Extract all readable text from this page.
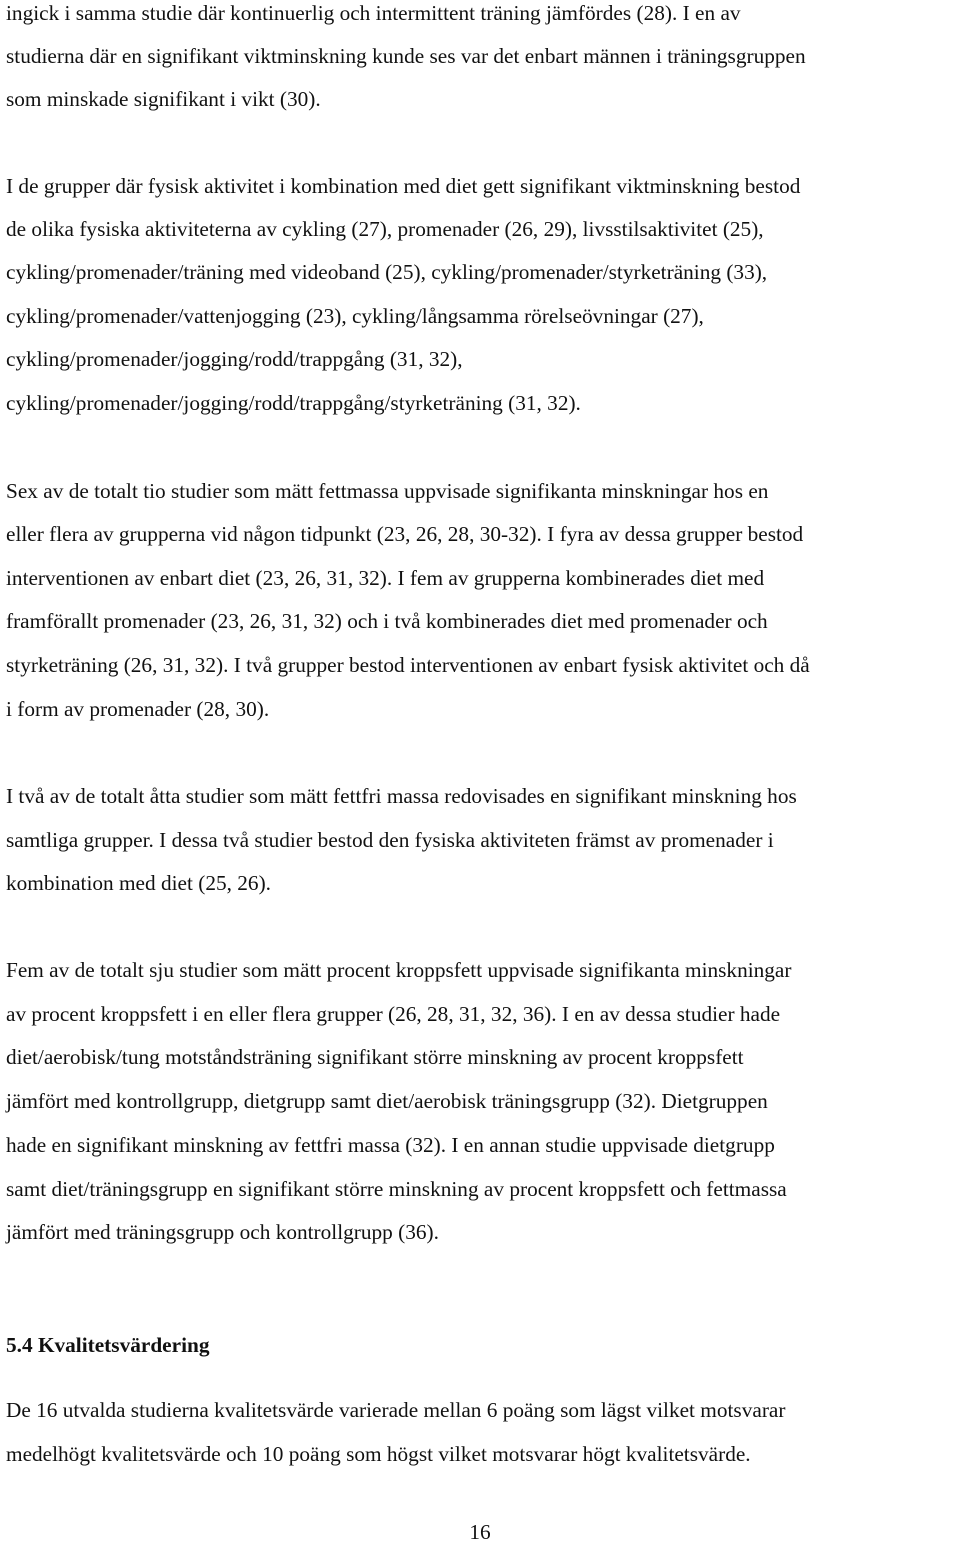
ingick i samma studie där kontinuerlig och intermittent träning jämfördes (28). I en av
studierna där en signifikant viktminskning kunde ses var det enbart männen i träningsgruppen
som minskade signifikant i vikt (30).
I de grupper där fysisk aktivitet i kombination med diet gett signifikant viktminskning bestod
de olika fysiska aktiviteterna av cykling (27), promenader (26, 29), livsstilsaktivitet (25),
cykling/promenader/träning med videoband (25), cykling/promenader/styrketräning (33),
cykling/promenader/vattenjogging (23), cykling/långsamma rörelseövningar (27),
cykling/promenader/jogging/rodd/trappgång (31, 32),
cykling/promenader/jogging/rodd/trappgång/styrketräning (31, 32).
Sex av de totalt tio studier som mätt fettmassa uppvisade signifikanta minskningar hos en
eller flera av grupperna vid någon tidpunkt (23, 26, 28, 30-32). I fyra av dessa grupper bestod
interventionen av enbart diet (23, 26, 31, 32). I fem av grupperna kombinerades diet med
framförallt promenader (23, 26, 31, 32) och i två kombinerades diet med promenader och
styrketräning (26, 31, 32). I två grupper bestod interventionen av enbart fysisk aktivitet och då
i form av promenader (28, 30).
I två av de totalt åtta studier som mätt fettfri massa redovisades en signifikant minskning hos
samtliga grupper. I dessa två studier bestod den fysiska aktiviteten främst av promenader i
kombination med diet (25, 26).
Fem av de totalt sju studier som mätt procent kroppsfett uppvisade signifikanta minskningar
av procent kroppsfett i en eller flera grupper (26, 28, 31, 32, 36). I en av dessa studier hade
diet/aerobisk/tung motståndsträning signifikant större minskning av procent kroppsfett
jämfört med kontrollgrupp, dietgrupp samt diet/aerobisk träningsgrupp (32). Dietgruppen
hade en signifikant minskning av fettfri massa (32). I en annan studie uppvisade dietgrupp
samt diet/träningsgrupp en signifikant större minskning av procent kroppsfett och fettmassa
jämfört med träningsgrupp och kontrollgrupp (36).
5.4 Kvalitetsvärdering
De 16 utvalda studierna kvalitetsvärde varierade mellan 6 poäng som lägst vilket motsvarar
medelhögt kvalitetsvärde och 10 poäng som högst vilket motsvarar högt kvalitetsvärde.
16
